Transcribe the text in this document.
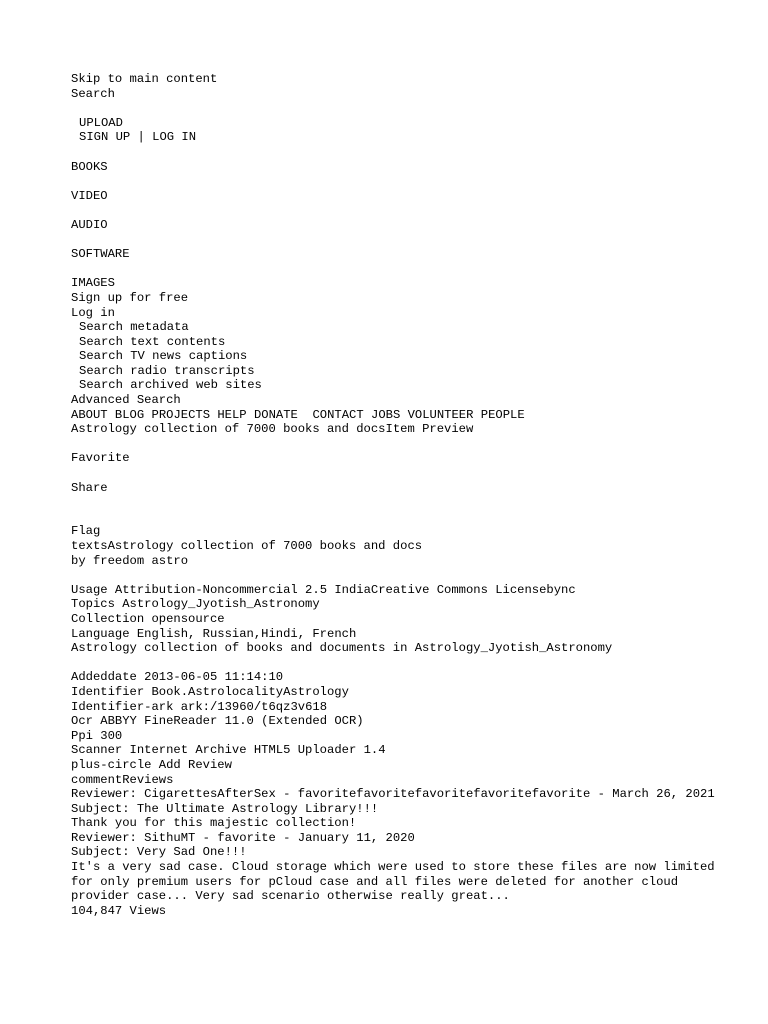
Skip to main content
Search
UPLOAD
SIGN UP | LOG IN
BOOKS
VIDEO
AUDIO
SOFTWARE
IMAGES
Sign up for free
Log in
Search metadata
Search text contents
Search TV news captions
Search radio transcripts
Search archived web sites
Advanced Search
ABOUT BLOG PROJECTS HELP DONATE CONTACT JOBS VOLUNTEER PEOPLE
Astrology collection of 7000 books and docsItem Preview
Favorite
Share
Flag
textsAstrology collection of 7000 books and docs
by freedom astro
Usage Attribution-Noncommercial 2.5 IndiaCreative Commons Licensebync
Topics Astrology_Jyotish_Astronomy
Collection opensource
Language English, Russian,Hindi, French
Astrology collection of books and documents in Astrology_Jyotish_Astronomy
Addeddate 2013-06-05 11:14:10
Identifier Book.AstrolocalityAstrology
Identifier-ark ark:/13960/t6qz3v618
Ocr ABBYY FineReader 11.0 (Extended OCR)
Ppi 300
Scanner Internet Archive HTML5 Uploader 1.4
plus-circle Add Review
commentReviews
Reviewer: CigarettesAfterSex - favoritefavoritefavoritefavoritefavorite - March 26, 2021
Subject: The Ultimate Astrology Library!!!
Thank you for this majestic collection!
Reviewer: SithuMT - favorite - January 11, 2020
Subject: Very Sad One!!!
It's a very sad case. Cloud storage which were used to store these files are now limited for only premium users for pCloud case and all files were deleted for another cloud provider case... Very sad scenario otherwise really great...
104,847 Views
